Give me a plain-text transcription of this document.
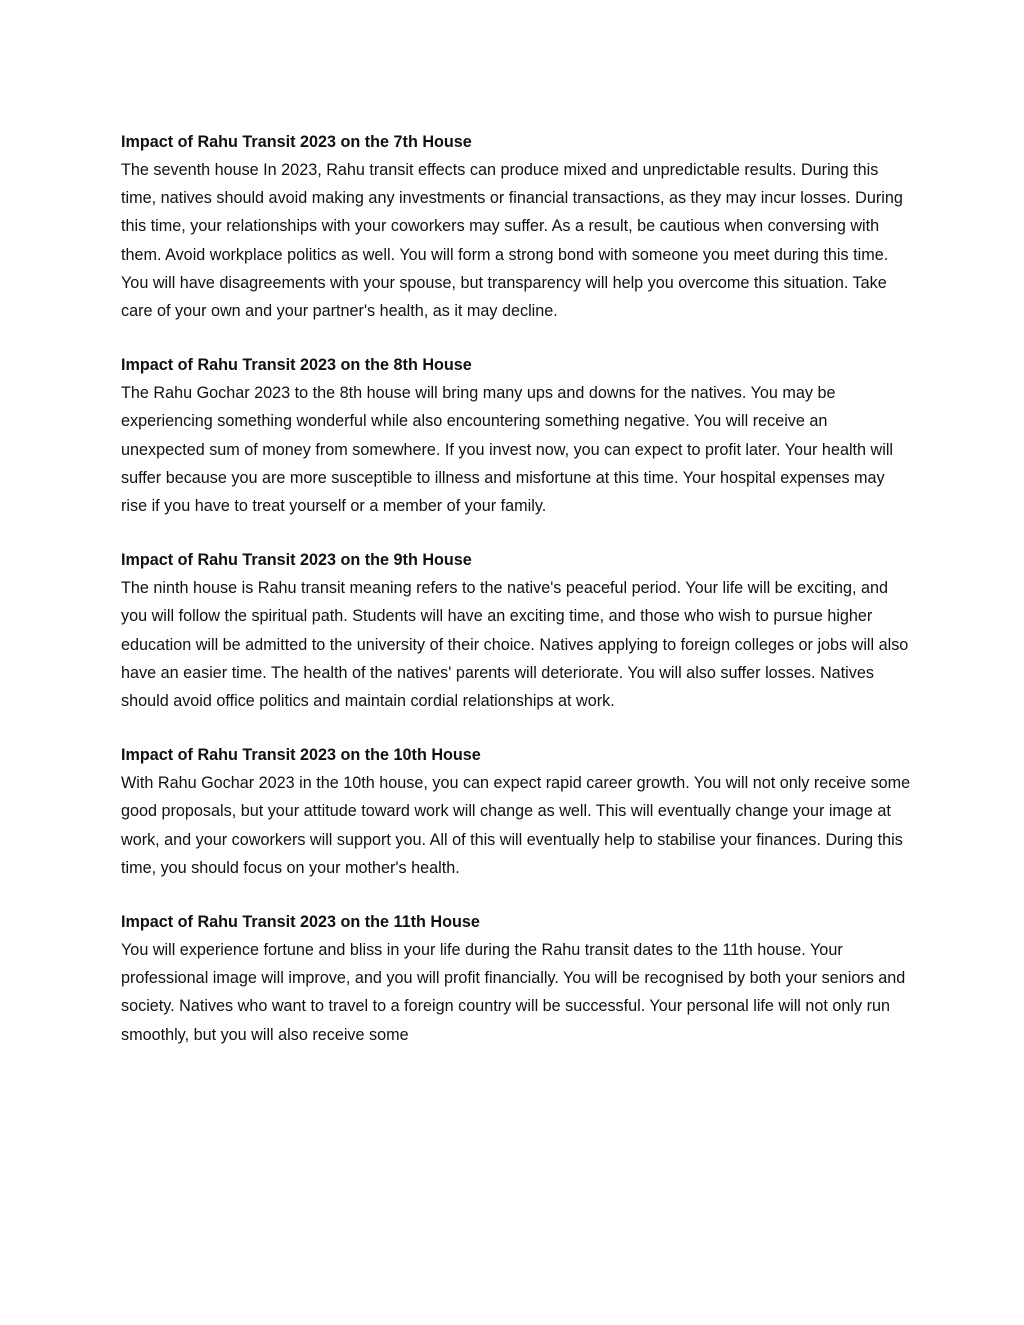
Impact of Rahu Transit 2023 on the 7th House

The seventh house In 2023, Rahu transit effects can produce mixed and unpredictable results. During this time, natives should avoid making any investments or financial transactions, as they may incur losses. During this time, your relationships with your coworkers may suffer. As a result, be cautious when conversing with them. Avoid workplace politics as well. You will form a strong bond with someone you meet during this time. You will have disagreements with your spouse, but transparency will help you overcome this situation. Take care of your own and your partner's health, as it may decline.

Impact of Rahu Transit 2023 on the 8th House

The Rahu Gochar 2023 to the 8th house will bring many ups and downs for the natives. You may be experiencing something wonderful while also encountering something negative. You will receive an unexpected sum of money from somewhere. If you invest now, you can expect to profit later. Your health will suffer because you are more susceptible to illness and misfortune at this time. Your hospital expenses may rise if you have to treat yourself or a member of your family.

Impact of Rahu Transit 2023 on the 9th House

The ninth house is Rahu transit meaning refers to the native's peaceful period. Your life will be exciting, and you will follow the spiritual path. Students will have an exciting time, and those who wish to pursue higher education will be admitted to the university of their choice. Natives applying to foreign colleges or jobs will also have an easier time. The health of the natives' parents will deteriorate. You will also suffer losses. Natives should avoid office politics and maintain cordial relationships at work.

Impact of Rahu Transit 2023 on the 10th House

With Rahu Gochar 2023 in the 10th house, you can expect rapid career growth. You will not only receive some good proposals, but your attitude toward work will change as well. This will eventually change your image at work, and your coworkers will support you. All of this will eventually help to stabilise your finances. During this time, you should focus on your mother's health.

Impact of Rahu Transit 2023 on the 11th House

You will experience fortune and bliss in your life during the Rahu transit dates to the 11th house. Your professional image will improve, and you will profit financially. You will be recognised by both your seniors and society. Natives who want to travel to a foreign country will be successful. Your personal life will not only run smoothly, but you will also receive some
